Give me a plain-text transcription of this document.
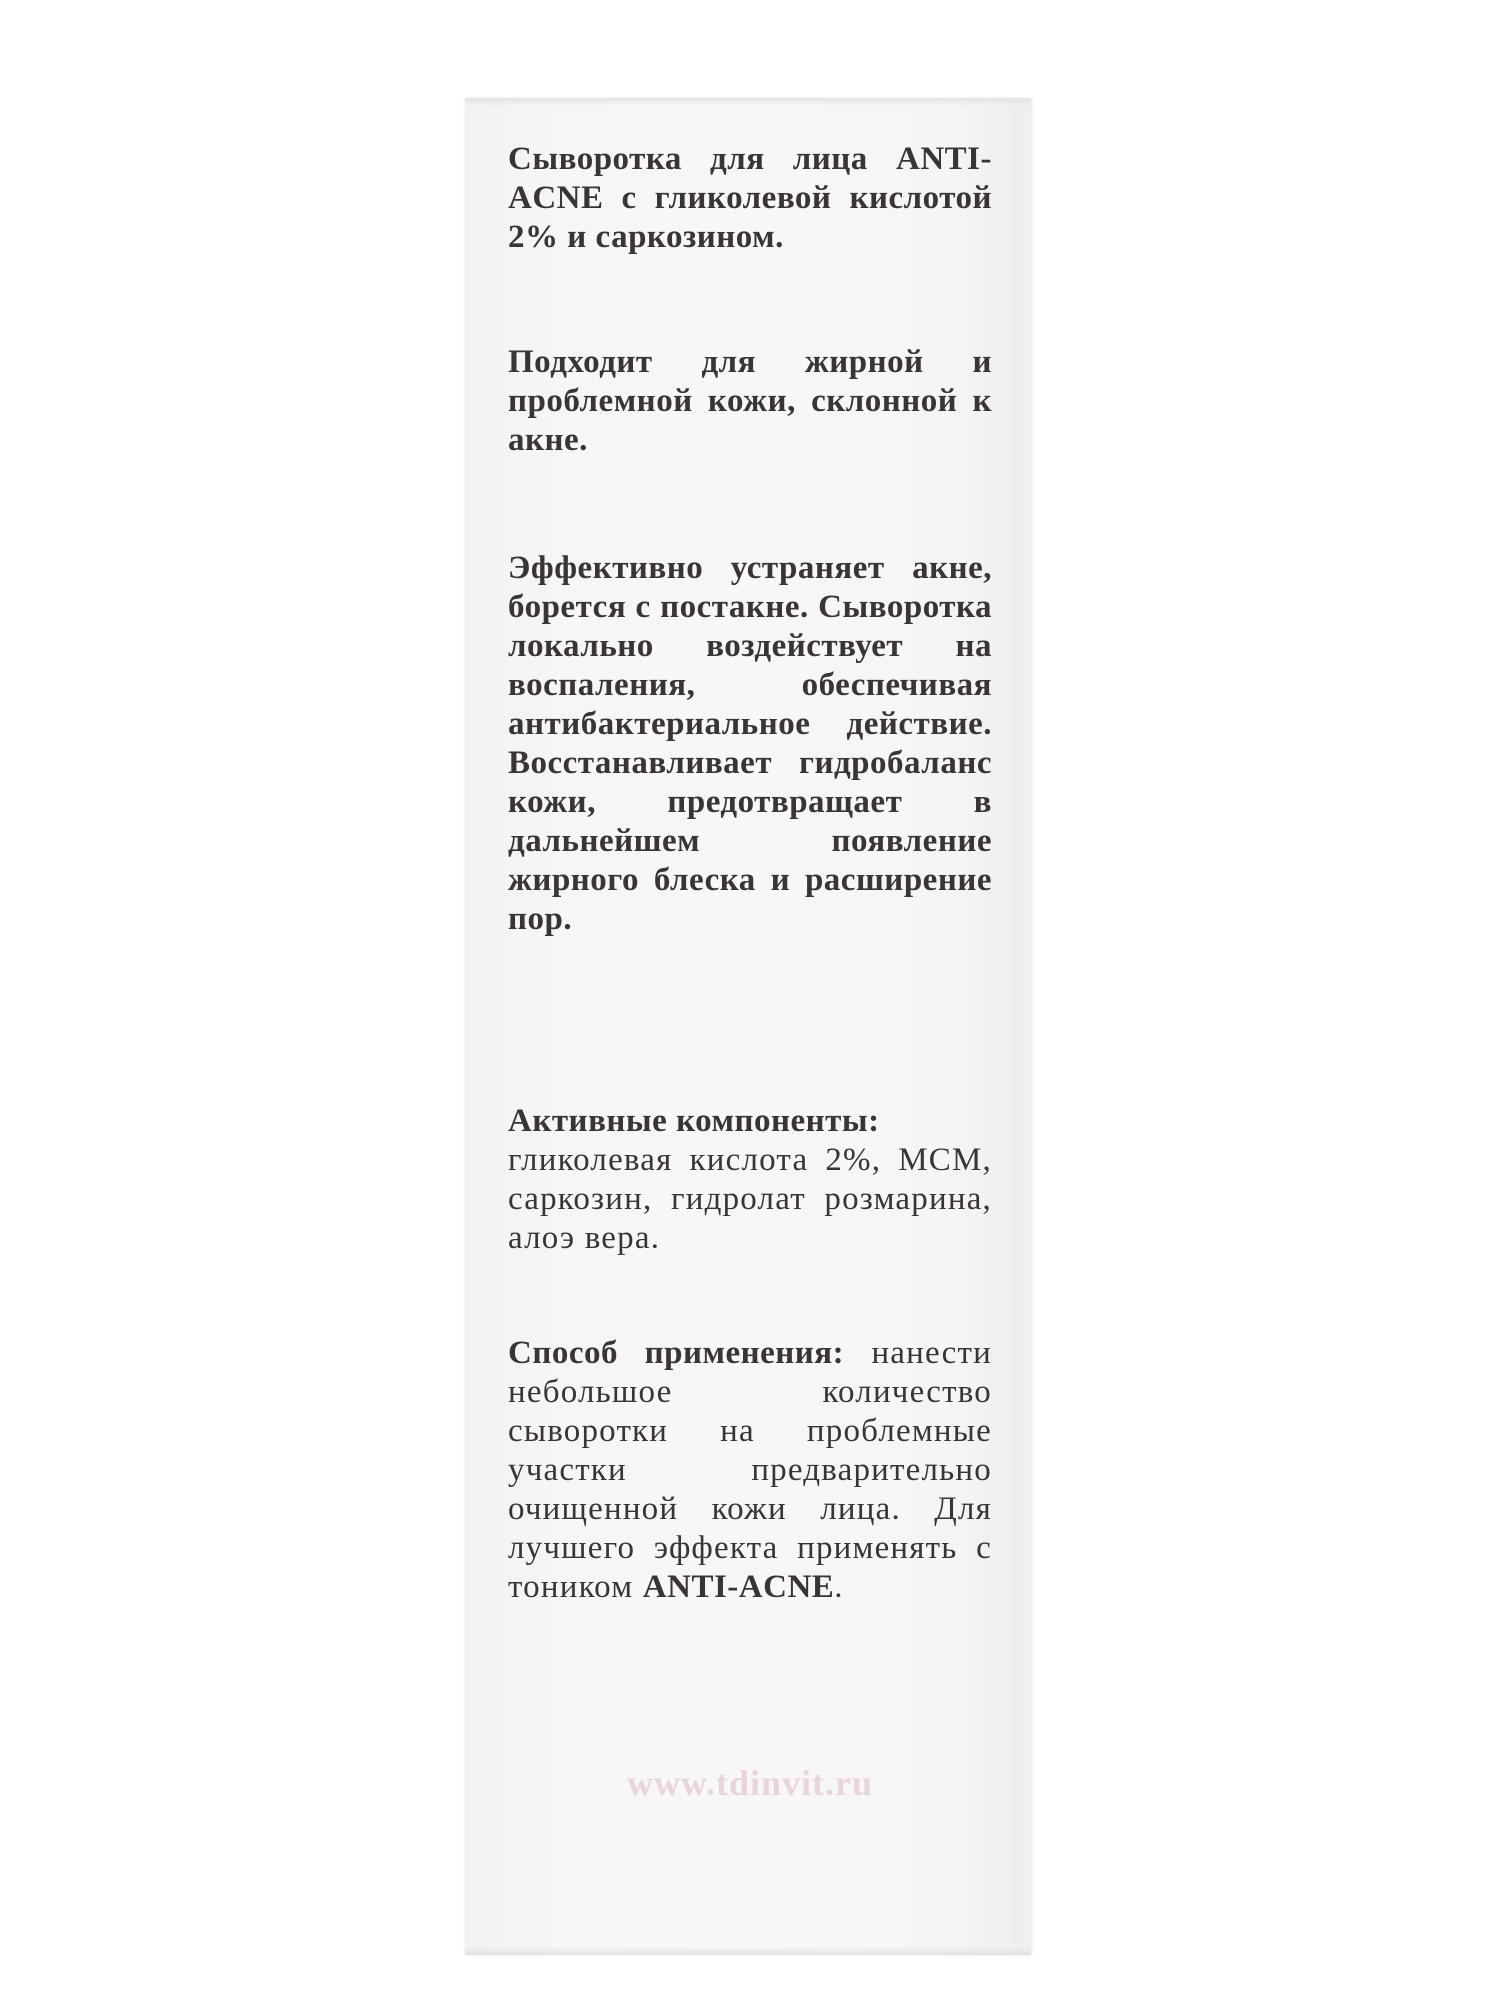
Сыворотка для лица ANTI-ACNE с гликолевой кислотой 2% и саркозином.
Подходит для жирной и проблемной кожи, склонной к акне.
Эффективно устраняет акне, борется с постакне. Сыворотка локально воздействует на воспаления, обеспечивая антибактериальное действие. Восстанавливает гидробаланс кожи, предотвращает в дальнейшем появление жирного блеска и расширение пор.
Активные компоненты:
гликолевая кислота 2%, МСМ, саркозин, гидролат розмарина, алоэ вера.
Способ применения: нанести небольшое количество сыворотки на проблемные участки предварительно очищенной кожи лица. Для лучшего эффекта применять с тоником ANTI-ACNE.
www.tdinvit.ru
